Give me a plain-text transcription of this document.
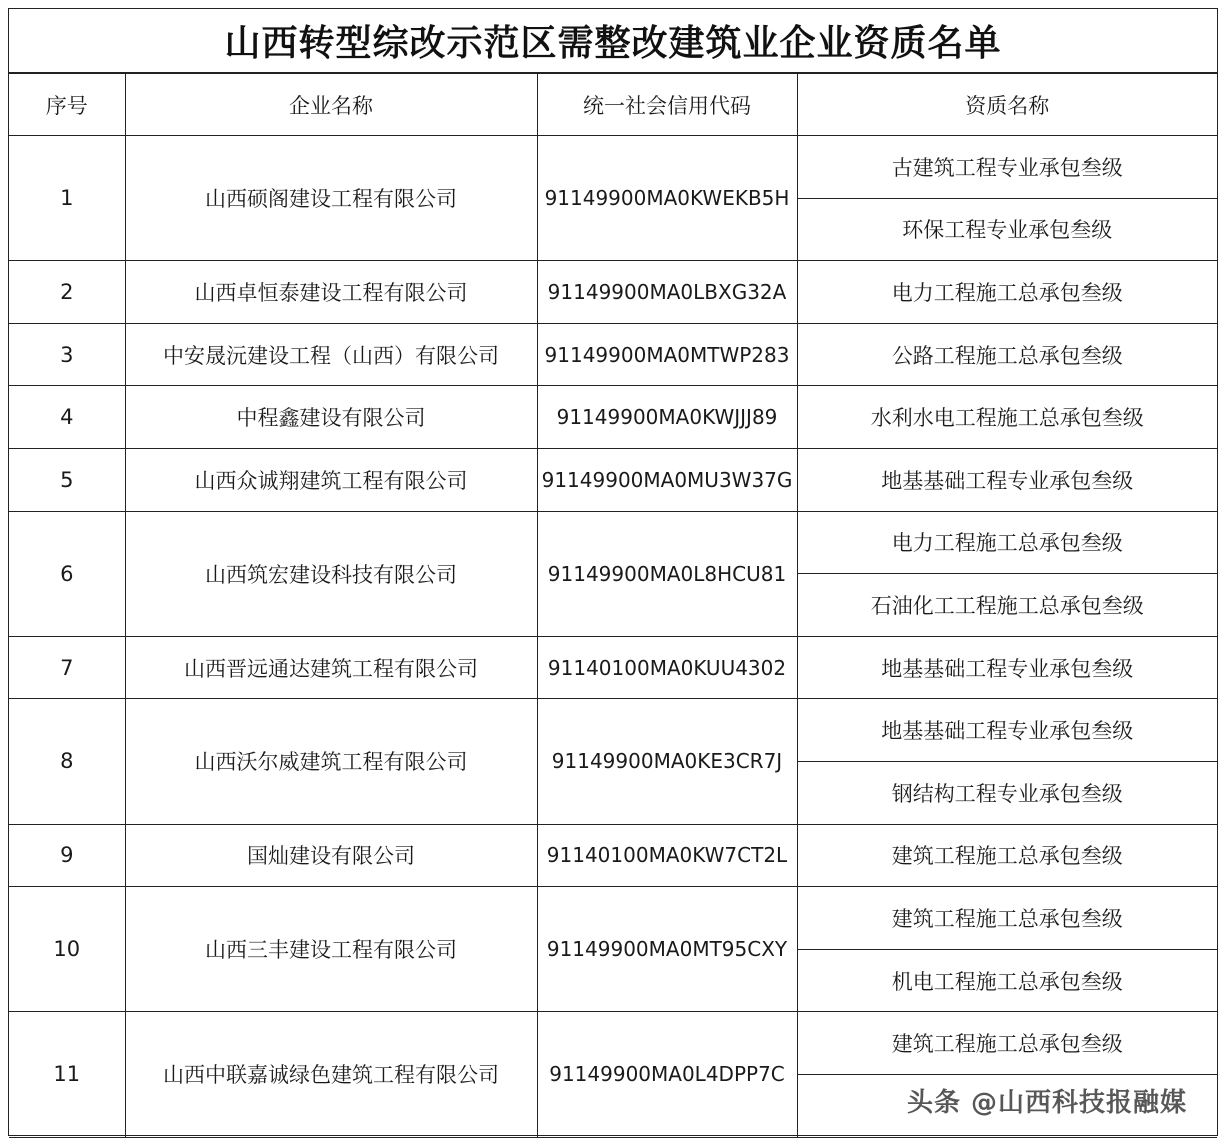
山西转型综改示范区需整改建筑业企业资质名单
序号	企业名称	统一社会信用代码	资质名称
1	山西硕阁建设工程有限公司	91149900MA0KWEKB5H	古建筑工程专业承包叁级
			环保工程专业承包叁级
2	山西卓恒泰建设工程有限公司	91149900MA0LBXG32A	电力工程施工总承包叁级
3	中安晟沅建设工程（山西）有限公司	91149900MA0MTWP283	公路工程施工总承包叁级
4	中程鑫建设有限公司	91149900MA0KWJJJ89	水利水电工程施工总承包叁级
5	山西众诚翔建筑工程有限公司	91149900MA0MU3W37G	地基基础工程专业承包叁级
6	山西筑宏建设科技有限公司	91149900MA0L8HCU81	电力工程施工总承包叁级
			石油化工工程施工总承包叁级
7	山西晋远通达建筑工程有限公司	91140100MA0KUU4302	地基基础工程专业承包叁级
8	山西沃尔威建筑工程有限公司	91149900MA0KE3CR7J	地基基础工程专业承包叁级
			钢结构工程专业承包叁级
9	国灿建设有限公司	91140100MA0KW7CT2L	建筑工程施工总承包叁级
10	山西三丰建设工程有限公司	91149900MA0MT95CXY	建筑工程施工总承包叁级
			机电工程施工总承包叁级
11	山西中联嘉诚绿色建筑工程有限公司	91149900MA0L4DPP7C	建筑工程施工总承包叁级

头条 @山西科技报融媒
